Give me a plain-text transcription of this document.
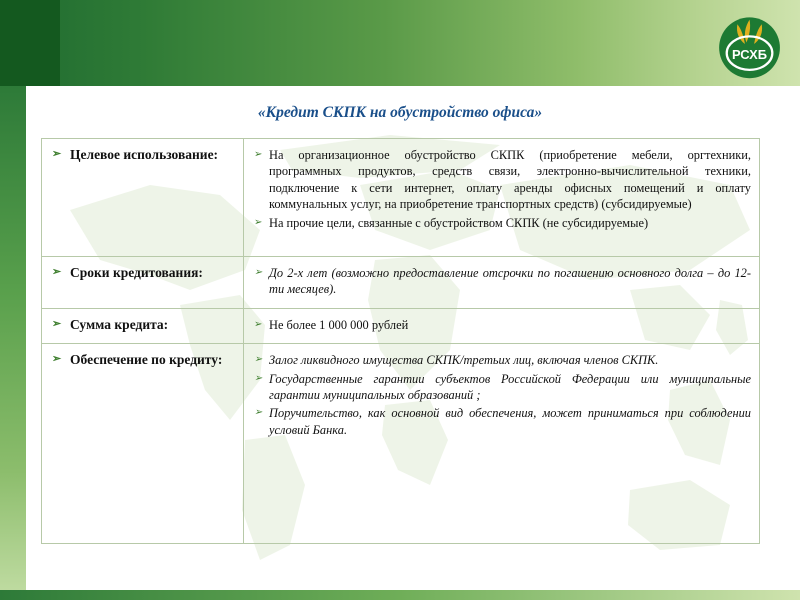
РСХБ
«Кредит СКПК на обустройство офиса»
➢ Целевое использование:	➢ На организационное обустройство СКПК (приобретение мебели, оргтехники, программных продуктов, средств связи, электронно-вычислительной техники, подключение к сети интернет, оплату аренды офисных помещений и оплату коммунальных услуг, на приобретение транспортных средств) (субсидируемые)
➢ На прочие цели, связанные с обустройством СКПК (не субсидируемые)

➢ Сроки кредитования:	➢ До 2-х лет (возможно предоставление отсрочки по погашению основного долга – до 12-ти месяцев).

➢ Сумма кредита:	➢ Не более 1 000 000 рублей

➢ Обеспечение по кредиту:	➢ Залог ликвидного имущества СКПК/третьих лиц, включая членов СКПК.
➢ Государственные гарантии субъектов Российской Федерации или муниципальные гарантии муниципальных образований ;
➢ Поручительство, как основной вид обеспечения, может приниматься при соблюдении условий Банка.
